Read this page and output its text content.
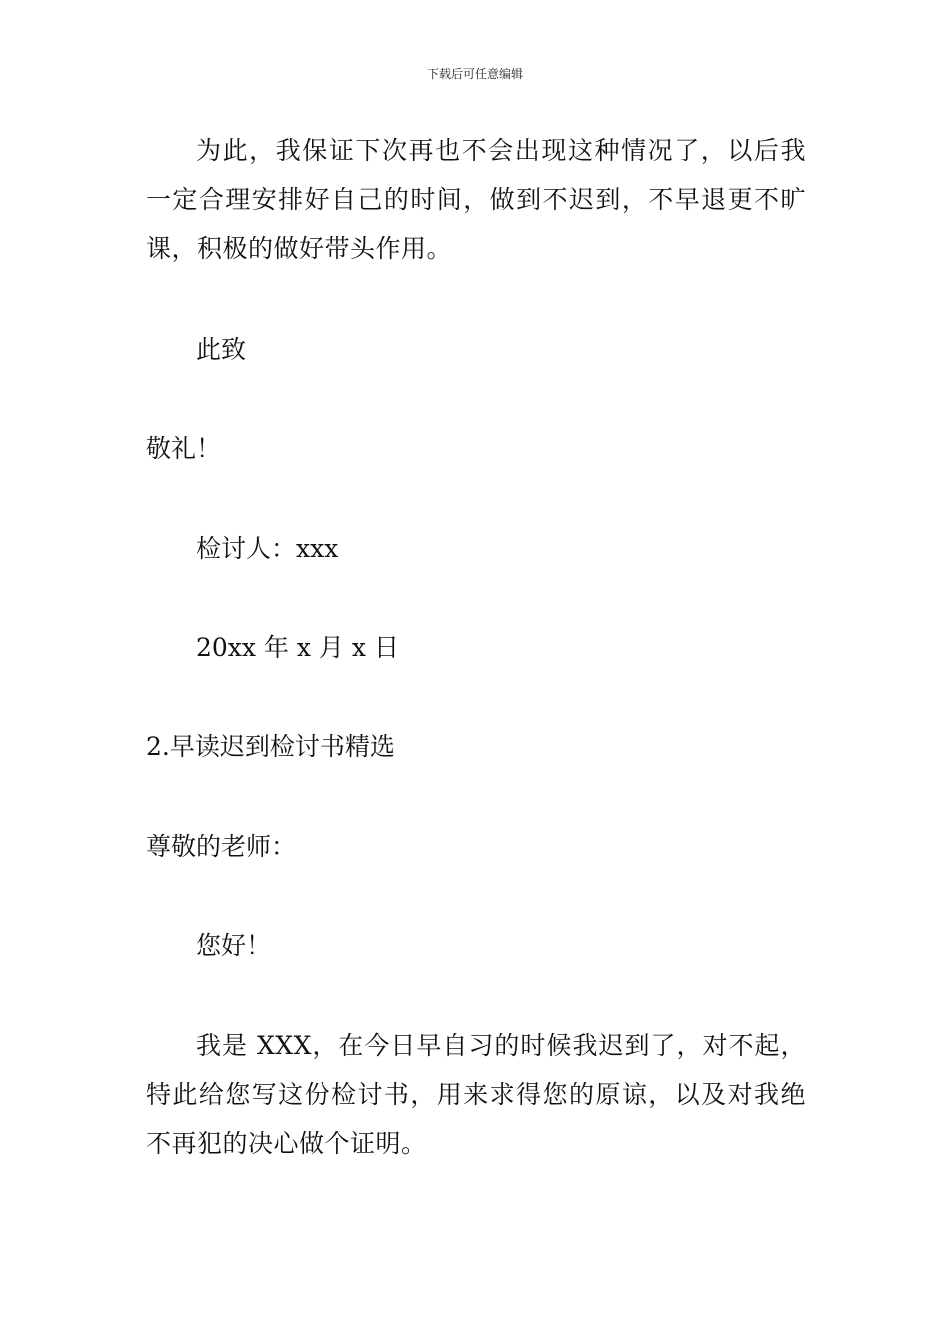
下载后可任意编辑

为此，我保证下次再也不会出现这种情况了，以后我一定合理安排好自己的时间，做到不迟到，不早退更不旷课，积极的做好带头作用。

此致
敬礼！
检讨人：xxx
20xx 年 x 月 x 日
2.早读迟到检讨书精选
尊敬的老师：
您好！

我是 XXX，在今日早自习的时候我迟到了，对不起，特此给您写这份检讨书，用来求得您的原谅，以及对我绝不再犯的决心做个证明。
